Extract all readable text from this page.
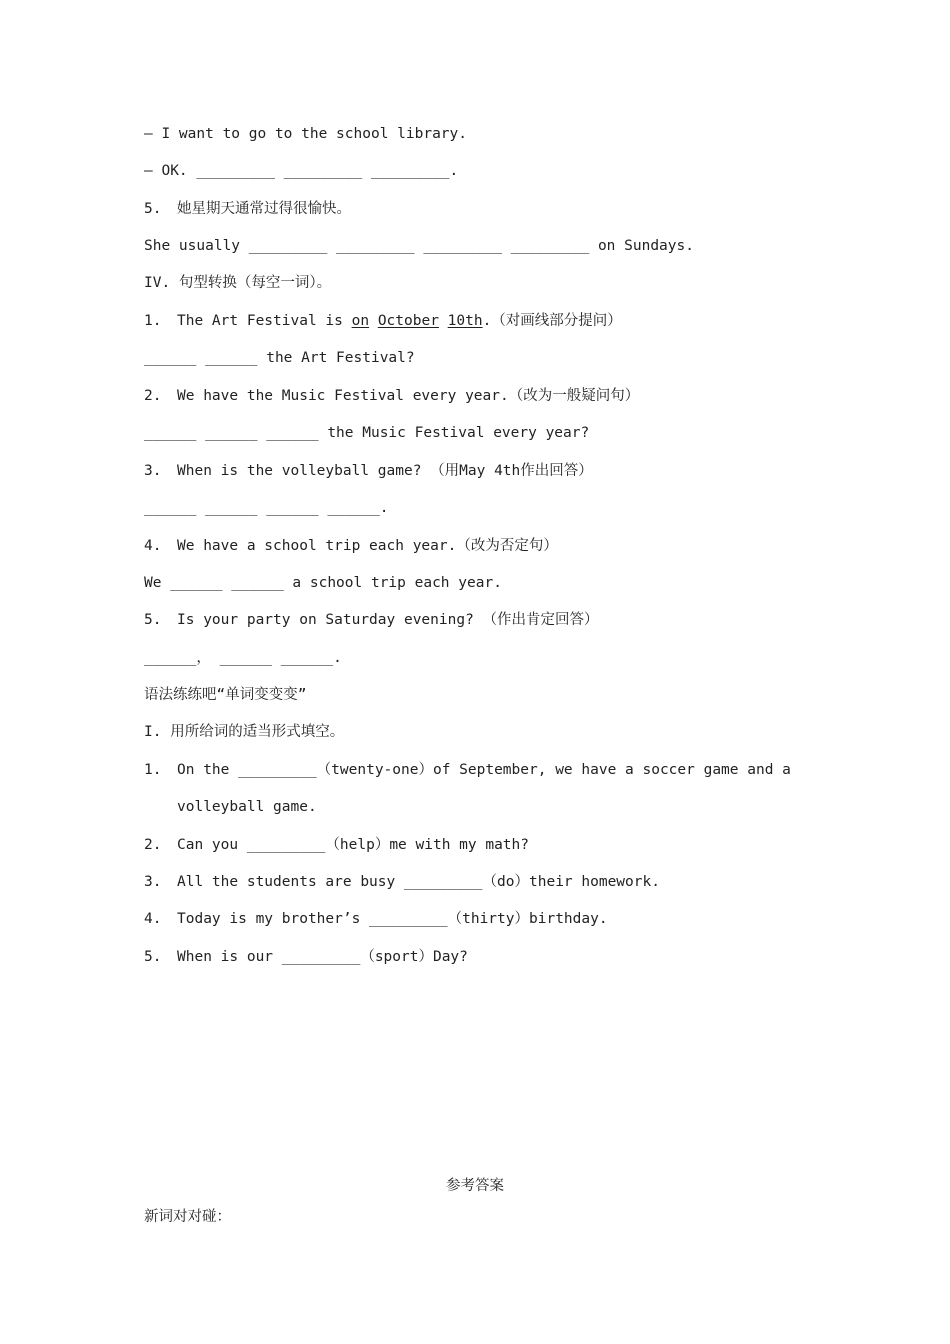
— I want to go to the school library.
— OK. _________ _________ _________.
5. 她星期天通常过得很愉快。
She usually _________ _________ _________ _________ on Sundays.
IV. 句型转换（每空一词）。
1. The Art Festival is on October 10th.（对画线部分提问）
______ ______ the Art Festival?
2. We have the Music Festival every year.（改为一般疑问句）
______ ______ ______ the Music Festival every year?
3. When is the volleyball game? （用May 4th作出回答）
______ ______ ______ ______.
4. We have a school trip each year.（改为否定句）
We ______ ______ a school trip each year.
5. Is your party on Saturday evening? （作出肯定回答）
______， ______ ______.
语法练练吧“单词变变变”
I. 用所给词的适当形式填空。
1. On the _________（twenty-one）of September, we have a soccer game and a
volleyball game.
2. Can you _________（help）me with my math?
3. All the students are busy _________（do）their homework.
4. Today is my brother’s _________（thirty）birthday.
5. When is our _________（sport）Day?
参考答案
新词对对碰：
